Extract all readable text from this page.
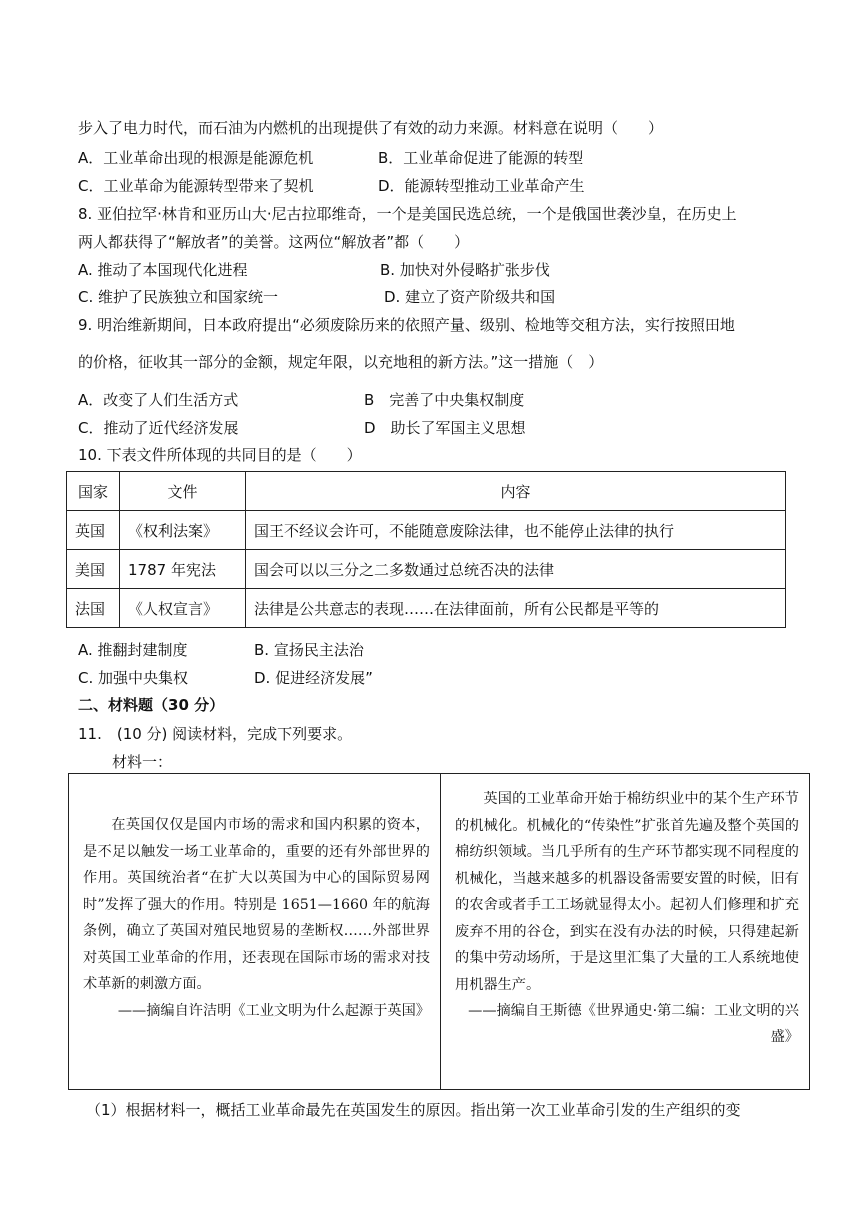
步入了电力时代，而石油为内燃机的出现提供了有效的动力来源。材料意在说明（　　）
A．工业革命出现的根源是能源危机	B．工业革命促进了能源的转型
C．工业革命为能源转型带来了契机	D．能源转型推动工业革命产生
8. 亚伯拉罕·林肯和亚历山大·尼古拉耶维奇，一个是美国民选总统，一个是俄国世袭沙皇，在历史上
两人都获得了“解放者”的美誉。这两位“解放者”都（　　）
A. 推动了本国现代化进程	B. 加快对外侵略扩张步伐
C. 维护了民族独立和国家统一	D. 建立了资产阶级共和国
9. 明治维新期间，日本政府提出“必须废除历来的依照产量、级别、检地等交租方法，实行按照田地
的价格，征收其一部分的金额，规定年限，以充地租的新方法。”这一措施（　）
A．改变了人们生活方式	B　完善了中央集权制度
C．推动了近代经济发展	D　助长了军国主义思想
10. 下表文件所体现的共同目的是（　　）
国家	文件	内容
英国	《权利法案》	国王不经议会许可，不能随意废除法律，也不能停止法律的执行
美国	1787 年宪法	国会可以以三分之二多数通过总统否决的法律
法国	《人权宣言》	法律是公共意志的表现……在法律面前，所有公民都是平等的
A. 推翻封建制度	B. 宣扬民主法治
C. 加强中央集权	D. 促进经济发展”
二、材料题（30 分）
11.　(10 分) 阅读材料，完成下列要求。
材料一：
在英国仅仅是国内市场的需求和国内积累的资本，是不足以触发一场工业革命的，重要的还有外部世界的作用。英国统治者“在扩大以英国为中心的国际贸易网时”发挥了强大的作用。特别是 1651—1660 年的航海条例，确立了英国对殖民地贸易的垄断权……外部世界对英国工业革命的作用，还表现在国际市场的需求对技术革新的刺激方面。
——摘编自许洁明《工业文明为什么起源于英国》
英国的工业革命开始于棉纺织业中的某个生产环节的机械化。机械化的“传染性”扩张首先遍及整个英国的棉纺织领域。当几乎所有的生产环节都实现不同程度的机械化，当越来越多的机器设备需要安置的时候，旧有的农舍或者手工工场就显得太小。起初人们修理和扩充废弃不用的谷仓，到实在没有办法的时候，只得建起新的集中劳动场所，于是这里汇集了大量的工人系统地使用机器生产。
——摘编自王斯德《世界通史·第二编：工业文明的兴盛》
（1）根据材料一，概括工业革命最先在英国发生的原因。指出第一次工业革命引发的生产组织的变
